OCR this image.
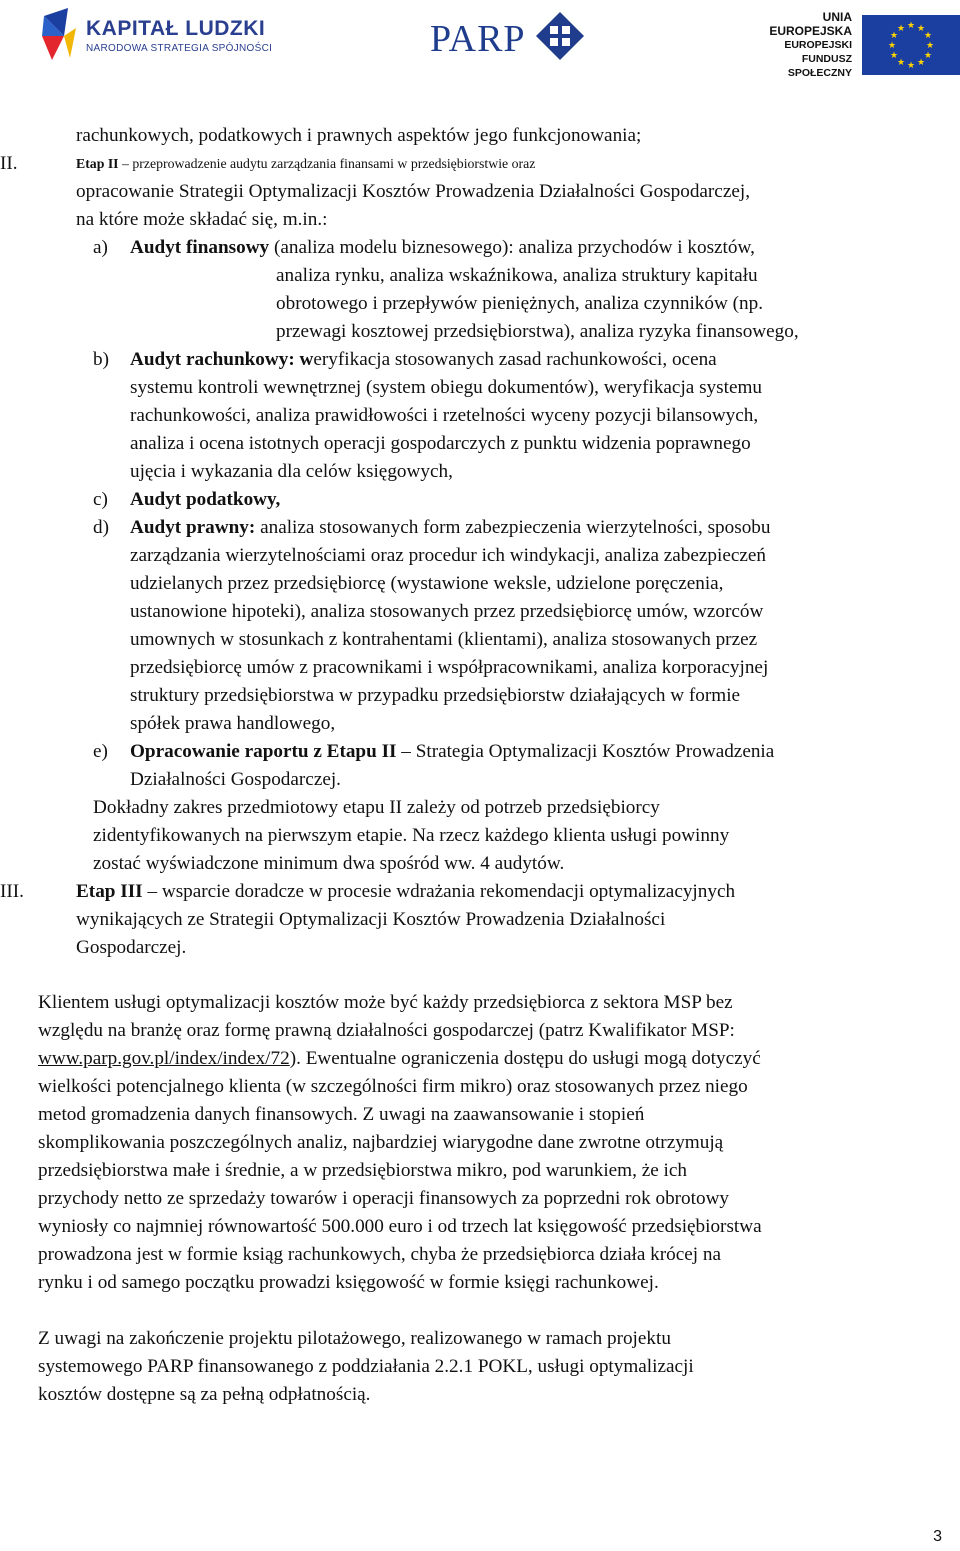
KAPITAŁ LUDZKI
NARODOWA STRATEGIA SPÓJNOŚCI	PARP
UNIA EUROPEJSKA
EUROPEJSKI
FUNDUSZ SPOŁECZNY
★ ★
★
★
★
★
★
★
★
★
★
★
rachunkowych, podatkowych i prawnych aspektów jego funkcjonowania;
II.	Etap II – przeprowadzenie audytu zarządzania finansami w przedsiębiorstwie oraz
opracowanie Strategii Optymalizacji Kosztów Prowadzenia Działalności Gospodarczej,
na które może składać się, m.in.:
a) Audyt finansowy (analiza modelu biznesowego): analiza przychodów i kosztów,
analiza rynku, analiza wskaźnikowa, analiza struktury kapitału
obrotowego i przepływów pieniężnych, analiza czynników (np.
przewagi kosztowej przedsiębiorstwa), analiza ryzyka finansowego,
b) Audyt rachunkowy: weryfikacja stosowanych zasad rachunkowości, ocena
systemu kontroli wewnętrznej (system obiegu dokumentów), weryfikacja systemu
rachunkowości, analiza prawidłowości i rzetelności wyceny pozycji bilansowych,
analiza i ocena istotnych operacji gospodarczych z punktu widzenia poprawnego
ujęcia i wykazania dla celów księgowych,
c) Audyt podatkowy,
d) Audyt prawny: analiza stosowanych form zabezpieczenia wierzytelności, sposobu
zarządzania wierzytelnościami oraz procedur ich windykacji, analiza zabezpieczeń
udzielanych przez przedsiębiorcę (wystawione weksle, udzielone poręczenia,
ustanowione hipoteki), analiza stosowanych przez przedsiębiorcę umów, wzorców
umownych w stosunkach z kontrahentami (klientami), analiza stosowanych przez
przedsiębiorcę umów z pracownikami i współpracownikami, analiza korporacyjnej
struktury przedsiębiorstwa w przypadku przedsiębiorstw działających w formie
spółek prawa handlowego,
e) Opracowanie raportu z Etapu II – Strategia Optymalizacji Kosztów Prowadzenia
Działalności Gospodarczej.
Dokładny zakres przedmiotowy etapu II zależy od potrzeb przedsiębiorcy
zidentyfikowanych na pierwszym etapie. Na rzecz każdego klienta usługi powinny
zostać wyświadczone minimum dwa spośród ww. 4 audytów.
III.	Etap III – wsparcie doradcze w procesie wdrażania rekomendacji optymalizacyjnych
wynikających ze Strategii Optymalizacji Kosztów Prowadzenia Działalności
Gospodarczej.
Klientem usługi optymalizacji kosztów może być każdy przedsiębiorca z sektora MSP bez
względu na branżę oraz formę prawną działalności gospodarczej (patrz Kwalifikator MSP:
www.parp.gov.pl/index/index/72). Ewentualne ograniczenia dostępu do usługi mogą dotyczyć
wielkości potencjalnego klienta (w szczególności firm mikro) oraz stosowanych przez niego
metod gromadzenia danych finansowych. Z uwagi na zaawansowanie i stopień
skomplikowania poszczególnych analiz, najbardziej wiarygodne dane zwrotne otrzymują
przedsiębiorstwa małe i średnie, a w przedsiębiorstwa mikro, pod warunkiem, że ich
przychody netto ze sprzedaży towarów i operacji finansowych za poprzedni rok obrotowy
wyniosły co najmniej równowartość 500.000 euro i od trzech lat księgowość przedsiębiorstwa
prowadzona jest w formie ksiąg rachunkowych, chyba że przedsiębiorca działa krócej na
rynku i od samego początku prowadzi księgowość w formie księgi rachunkowej.
Z uwagi na zakończenie projektu pilotażowego, realizowanego w ramach projektu
systemowego PARP finansowanego z poddziałania 2.2.1 POKL, usługi optymalizacji
kosztów dostępne są za pełną odpłatnością.
3
